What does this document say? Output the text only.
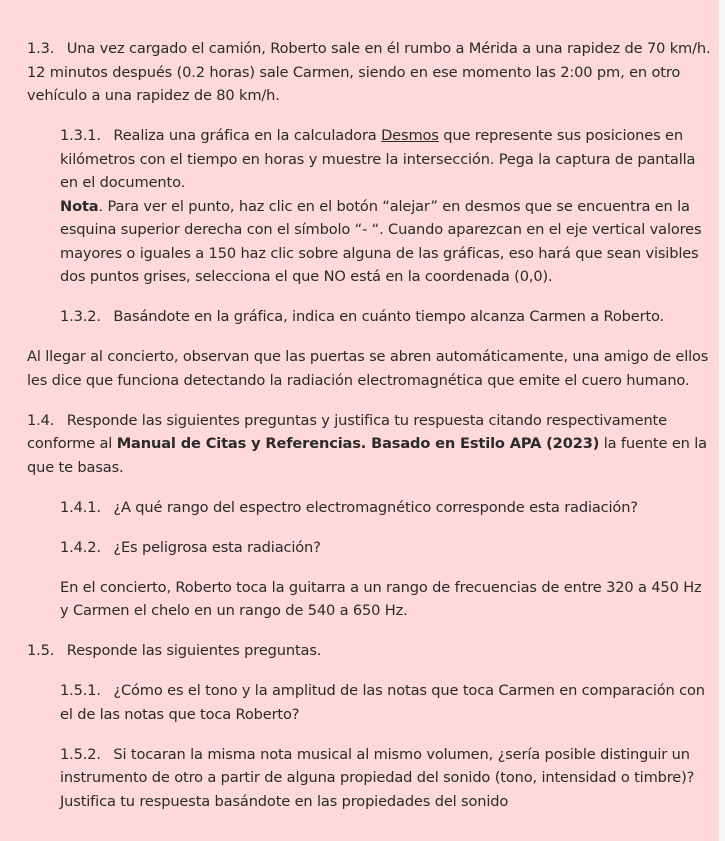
1.3. Una vez cargado el camión, Roberto sale en él rumbo a Mérida a una rapidez de 70 km/h. 12 minutos después (0.2 horas) sale Carmen, siendo en ese momento las 2:00 pm, en otro vehículo a una rapidez de 80 km/h.

1.3.1. Realiza una gráfica en la calculadora Desmos que represente sus posiciones en kilómetros con el tiempo en horas y muestre la intersección. Pega la captura de pantalla en el documento.

Nota. Para ver el punto, haz clic en el botón “alejar” en desmos que se encuentra en la esquina superior derecha con el símbolo “- “. Cuando aparezcan en el eje vertical valores mayores o iguales a 150 haz clic sobre alguna de las gráficas, eso hará que sean visibles dos puntos grises, selecciona el que NO está en la coordenada (0,0).

1.3.2. Basándote en la gráfica, indica en cuánto tiempo alcanza Carmen a Roberto.

Al llegar al concierto, observan que las puertas se abren automáticamente, una amigo de ellos les dice que funciona detectando la radiación electromagnética que emite el cuero humano.

1.4. Responde las siguientes preguntas y justifica tu respuesta citando respectivamente conforme al Manual de Citas y Referencias. Basado en Estilo APA (2023) la fuente en la que te basas.

1.4.1. ¿A qué rango del espectro electromagnético corresponde esta radiación?

1.4.2. ¿Es peligrosa esta radiación?

En el concierto, Roberto toca la guitarra a un rango de frecuencias de entre 320 a 450 Hz y Carmen el chelo en un rango de 540 a 650 Hz.

1.5. Responde las siguientes preguntas.

1.5.1. ¿Cómo es el tono y la amplitud de las notas que toca Carmen en comparación con el de las notas que toca Roberto?

1.5.2. Si tocaran la misma nota musical al mismo volumen, ¿sería posible distinguir un instrumento de otro a partir de alguna propiedad del sonido (tono, intensidad o timbre)? Justifica tu respuesta basándote en las propiedades del sonido
